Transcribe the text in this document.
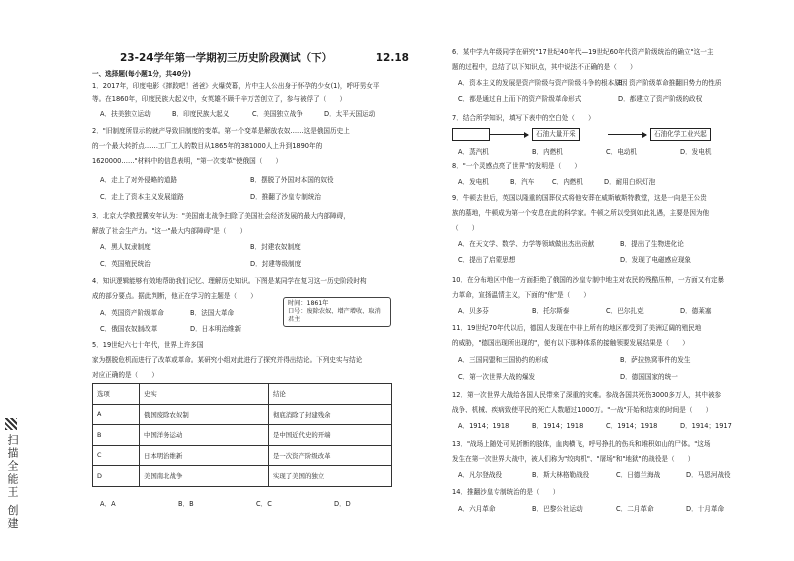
23-24学年第一学期初三历史阶段测试（下）	12.18
一、选择题(每小题1分，共40分)
1．2017年，印度电影《摔跤吧！爸爸》火爆荧幕，片中主人公出身于怀孕的少女(1)，呼吁男女平
等。在1860年，印度民族大起义中，女英雄不顾千辛万苦创立了，参与被俘了（　　）
A．扶美独立运动	B．印度民族大起义	C．美国独立战争	D．太平天国运动
2．"旧制度所显示的就产导致旧制度的变革。第一个变革是解放农奴……这是俄国历史上
的一个最大转折点……工厂工人的数目从1865年的381000人上升到1890年的
1620000……"材料中的信息表明，"第一次变革"使俄国（　　）
A．走上了对外侵略的道路	B．摆脱了外国对本国的奴役
C．走上了资本主义发展道路	D．推翻了沙皇专制统治
3．北京大学教授冀安年认为："美国南北战争扫除了美国社会经济发展的最大内部障碍，
解放了社会生产力。"这一"最大内部障碍"是（　　）
A．黑人奴隶制度	B．封建农奴制度
C．英国殖民统治	D．封建等级制度
4．知识逻辑能够有效地帮助我们记忆、理解历史知识。下图是某同学在复习这一历史阶段时构
成的部分要点。据此判断，他正在学习的主题是（　　）
A．英国资产阶级革命	B．法国大革命
C．俄国农奴制改革	D．日本明治维新
时间：1861年
口号：废除农奴、增产增收、取消君主
5．19世纪六七十年代，世界上许多国
家为摆脱危机而进行了改革或革命。某研究小组对此进行了探究并得出结论。下列史实与结论
对应正确的是（　　）
选项	史实	结论
A	俄国废除农奴制	彻底消除了封建残余
B	中国洋务运动	是中国近代史的开端
C	日本明治维新	是一次资产阶级改革
D	美国南北战争	实现了美国的独立
A．A	B．B	C．C	D．D
6．某中学九年级同学在研究"17世纪40年代—19世纪60年代资产阶级统治的确立"这一主
题的过程中，总结了以下知识点，其中说法不正确的是（　　）
A．资本主义的发展是资产阶级与资产阶级斗争的根本原因B．资产阶级革命推翻旧势力的性质
C．都是通过自上而下的资产阶级革命形式	D．都建立了资产阶级的政权
7．结合所学知识，填写下表中的空白处（　　）
石油大量开采	石油化学工业兴起
A．蒸汽机	B．内燃机	C．电动机	D．发电机
8．"一个灵感点亮了世界"的发明是（　　）
A．发电机	B．汽车	C．内燃机	D．耐用白炽灯泡
9．牛顿去世后，英国以隆重的国葬仪式将他安葬在威斯敏斯特教堂，这是一向是王公贵
族的墓地，牛顿成为第一个安息在此的科学家。牛顿之所以受到如此礼遇，主要是因为他
（　　）
A．在天文学、数学、力学等领域做出杰出贡献	B．提出了生物进化论
C．提出了启蒙思想	D．发现了电磁感应现象
10．在分布地区中他一方面拒绝了俄国的沙皇专制中地主对农民的残酷压榨，一方面又有定暴
力革命，宣扬温情主义，下面的"他"是（　　）
A．贝多芬	B．托尔斯泰	C．巴尔扎克	D．德莱塞
11．19世纪70年代以后，德国人发现在中非上所有的地区都受到了美洲辽阔的殖民地
的威胁，"德国出现所出现的"，便有以下那种体系的接触领要发展结果是（　　）
A．三国同盟和三国协约的形成	B．萨拉热窝事件的发生
C．第一次世界大战的爆发	D．德国国家的统一
12．第一次世界大战给各国人民带来了深重的灾难。参战各国共死伤3000多万人，其中被参
战争、机械、疾病致使平民的死亡人数超过1000万。"一战"开始和结束的时间是（　　）
A．1914；1918	B．1914；1918	C．1914；1918	D．1914；1917
13．"战场上随处可见折断的肢体，血肉横飞，呼号挣扎的伤兵和堆积如山的尸体。"这场
发生在第一次世界大战中，被人们称为"绞肉机"、"屠场"和"地狱"的战役是（　　）
A．凡尔登战役	B．斯大林格勒战役	C．日德兰海战	D．马恩河战役
14．推翻沙皇专制统治的是（　　）
A．六月革命	B．巴黎公社运动	C．二月革命	D．十月革命
扫描全能王 创建
